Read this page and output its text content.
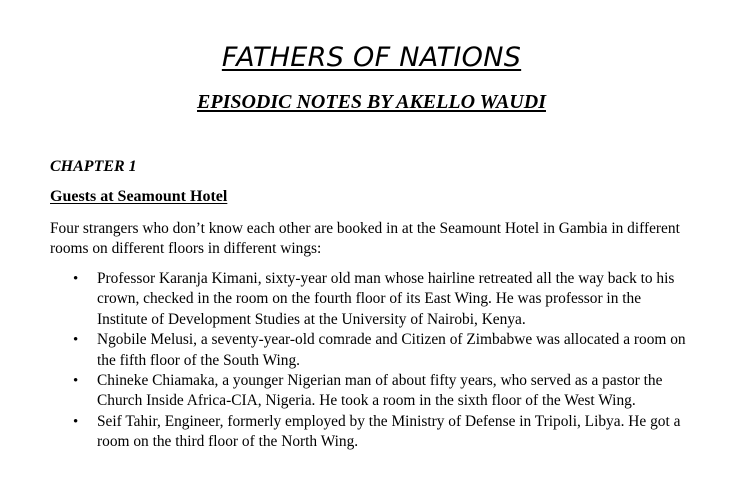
FATHERS OF NATIONS
EPISODIC NOTES BY AKELLO WAUDI
CHAPTER 1
Guests at Seamount Hotel

Four strangers who don’t know each other are booked in at the Seamount Hotel in Gambia in different rooms on different floors in different wings:

• Professor Karanja Kimani, sixty-year old man whose hairline retreated all the way back to his crown, checked in the room on the fourth floor of its East Wing. He was professor in the Institute of Development Studies at the University of Nairobi, Kenya.
• Ngobile Melusi, a seventy-year-old comrade and Citizen of Zimbabwe was allocated a room on the fifth floor of the South Wing.
• Chineke Chiamaka, a younger Nigerian man of about fifty years, who served as a pastor the Church Inside Africa-CIA, Nigeria. He took a room in the sixth floor of the West Wing.
• Seif Tahir, Engineer, formerly employed by the Ministry of Defense in Tripoli, Libya. He got a room on the third floor of the North Wing.
